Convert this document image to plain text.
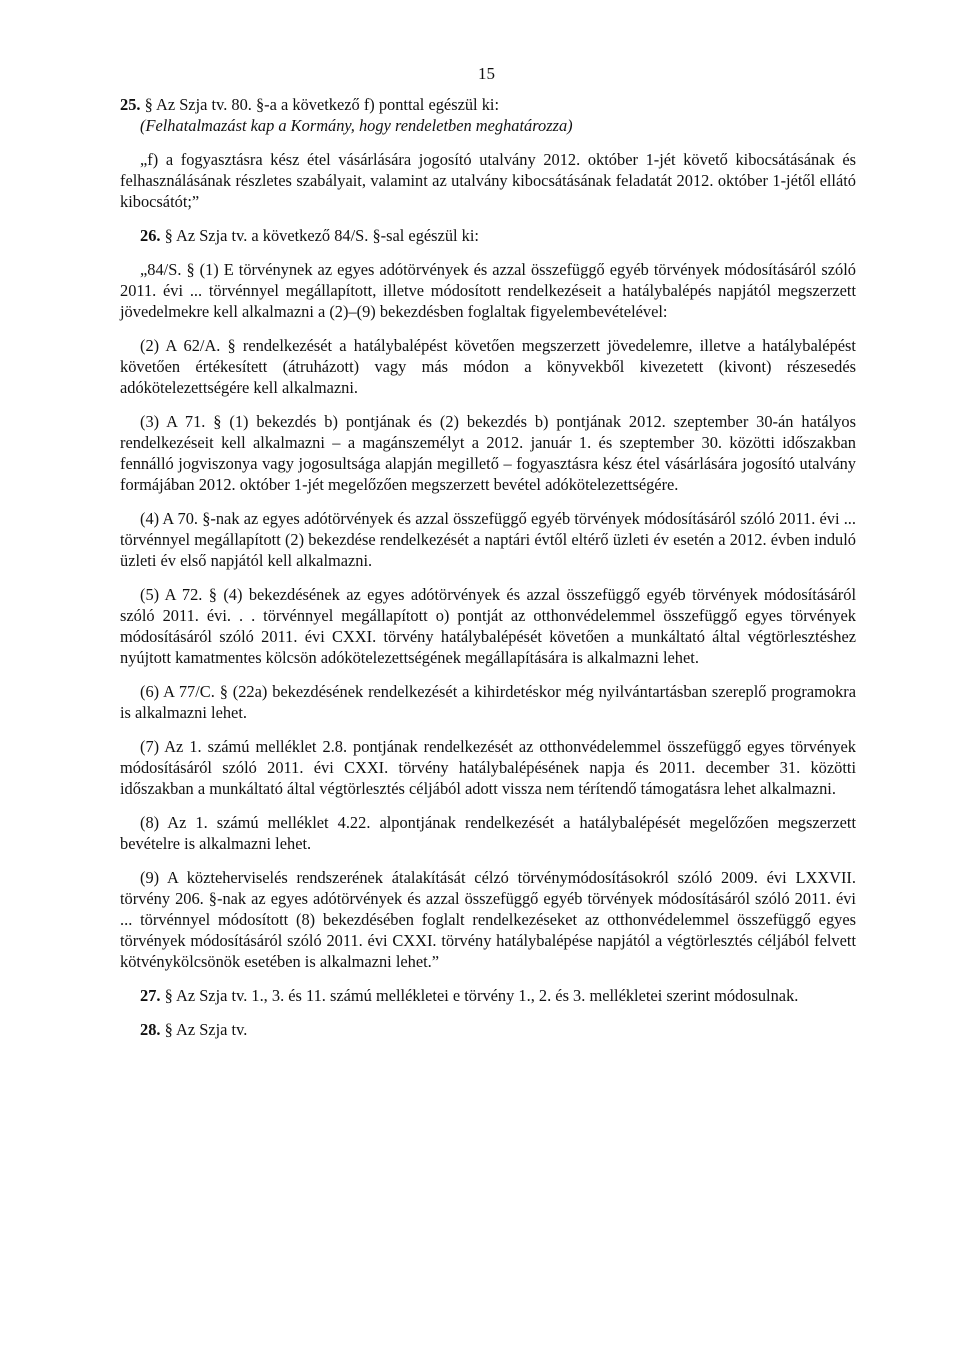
15

25. § Az Szja tv. 80. §-a a következő f) ponttal egészül ki:

(Felhatalmazást kap a Kormány, hogy rendeletben meghatározza)

„f) a fogyasztásra kész étel vásárlására jogosító utalvány 2012. október 1-jét követő kibocsátásának és felhasználásának részletes szabályait, valamint az utalvány kibocsátásának feladatát 2012. október 1-jétől ellátó kibocsátót;”

26. § Az Szja tv. a következő 84/S. §-sal egészül ki:

„84/S. § (1) E törvénynek az egyes adótörvények és azzal összefüggő egyéb törvények módosításáról szóló 2011. évi ... törvénnyel megállapított, illetve módosított rendelkezéseit a hatálybalépés napjától megszerzett jövedelmekre kell alkalmazni a (2)–(9) bekezdésben foglaltak figyelembevételével:

(2) A 62/A. § rendelkezését a hatálybalépést követően megszerzett jövedelemre, illetve a hatálybalépést követően értékesített (átruházott) vagy más módon a könyvekből kivezetett (kivont) részesedés adókötelezettségére kell alkalmazni.

(3) A 71. § (1) bekezdés b) pontjának és (2) bekezdés b) pontjának 2012. szeptember 30-án hatályos rendelkezéseit kell alkalmazni – a magánszemélyt a 2012. január 1. és szeptember 30. közötti időszakban fennálló jogviszonya vagy jogosultsága alapján megillető – fogyasztásra kész étel vásárlására jogosító utalvány formájában 2012. október 1-jét megelőzően megszerzett bevétel adókötelezettségére.

(4) A 70. §-nak az egyes adótörvények és azzal összefüggő egyéb törvények módosításáról szóló 2011. évi ... törvénnyel megállapított (2) bekezdése rendelkezését a naptári évtől eltérő üzleti év esetén a 2012. évben induló üzleti év első napjától kell alkalmazni.

(5) A 72. § (4) bekezdésének az egyes adótörvények és azzal összefüggő egyéb törvények módosításáról szóló 2011. évi. . . törvénnyel megállapított o) pontját az otthonvédelemmel összefüggő egyes törvények módosításáról szóló 2011. évi CXXI. törvény hatálybalépését követően a munkáltató által végtörlesztéshez nyújtott kamatmentes kölcsön adókötelezettségének megállapítására is alkalmazni lehet.

(6) A 77/C. § (22a) bekezdésének rendelkezését a kihirdetéskor még nyilvántartásban szereplő programokra is alkalmazni lehet.

(7) Az 1. számú melléklet 2.8. pontjának rendelkezését az otthonvédelemmel összefüggő egyes törvények módosításáról szóló 2011. évi CXXI. törvény hatálybalépésének napja és 2011. december 31. közötti időszakban a munkáltató által végtörlesztés céljából adott vissza nem térítendő támogatásra lehet alkalmazni.

(8) Az 1. számú melléklet 4.22. alpontjának rendelkezését a hatálybalépését megelőzően megszerzett bevételre is alkalmazni lehet.

(9) A közteherviselés rendszerének átalakítását célzó törvénymódosításokról szóló 2009. évi LXXVII. törvény 206. §-nak az egyes adótörvények és azzal összefüggő egyéb törvények módosításáról szóló 2011. évi ... törvénnyel módosított (8) bekezdésében foglalt rendelkezéseket az otthonvédelemmel összefüggő egyes törvények módosításáról szóló 2011. évi CXXI. törvény hatálybalépése napjától a végtörlesztés céljából felvett kötvénykölcsönök esetében is alkalmazni lehet.”

27. § Az Szja tv. 1., 3. és 11. számú mellékletei e törvény 1., 2. és 3. mellékletei szerint módosulnak.

28. § Az Szja tv.
